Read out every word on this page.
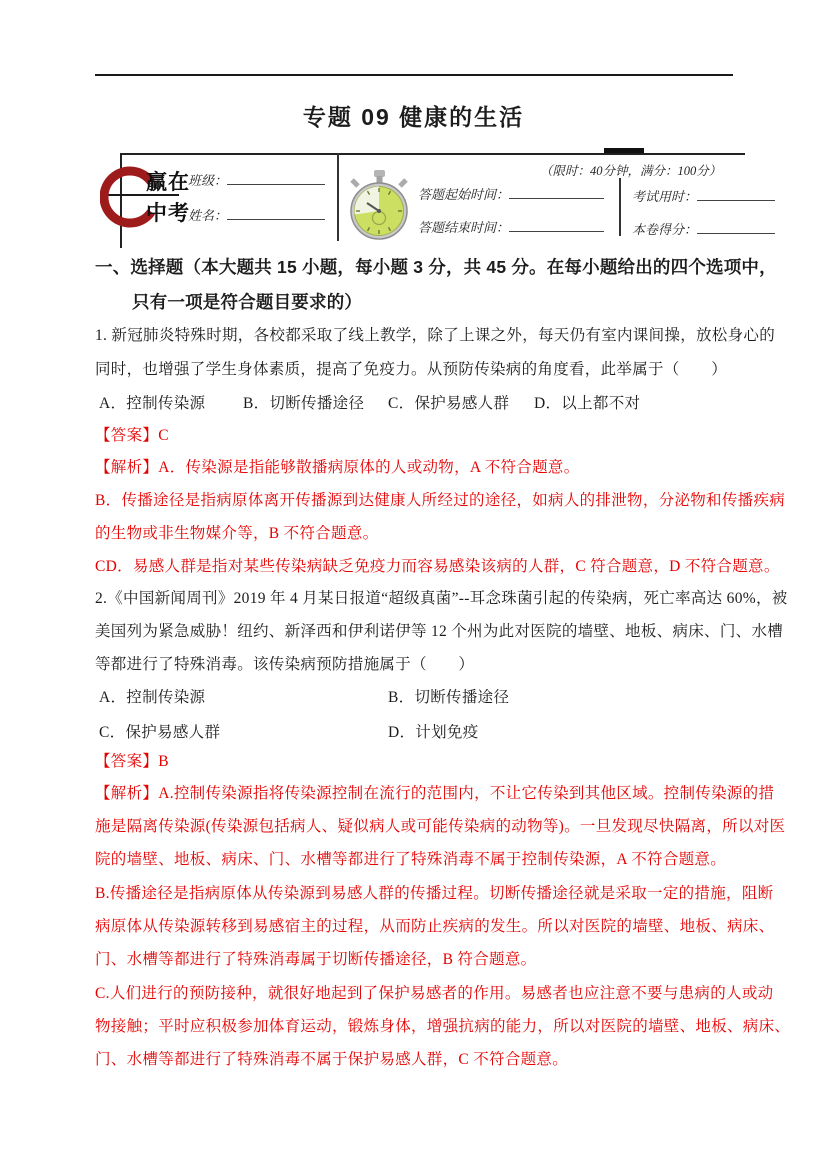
专题 09 健康的生活
赢在
中考
班级：
姓名：
答题起始时间：
答题结束时间：
（限时：40分钟，满分：100分）
考试用时：
本卷得分：
一、选择题（本大题共 15 小题，每小题 3 分，共 45 分。在每小题给出的四个选项中，
只有一项是符合题目要求的）
1. 新冠肺炎特殊时期，各校都采取了线上教学，除了上课之外，每天仍有室内课间操，放松身心的
同时，也增强了学生身体素质，提高了免疫力。从预防传染病的角度看，此举属于（　　）
A．控制传染源 B．切断传播途径 C．保护易感人群 D．以上都不对
【答案】C
【解析】A．传染源是指能够散播病原体的人或动物，A 不符合题意。
B．传播途径是指病原体离开传播源到达健康人所经过的途径，如病人的排泄物，分泌物和传播疾病
的生物或非生物媒介等，B 不符合题意。
CD．易感人群是指对某些传染病缺乏免疫力而容易感染该病的人群，C 符合题意，D 不符合题意。
2.《中国新闻周刊》2019 年 4 月某日报道“超级真菌”--耳念珠菌引起的传染病，死亡率高达 60%，被
美国列为紧急威胁！纽约、新泽西和伊利诺伊等 12 个州为此对医院的墙壁、地板、病床、门、水槽
等都进行了特殊消毒。该传染病预防措施属于（　　）
A．控制传染源	B．切断传播途径
C．保护易感人群	D．计划免疫
【答案】B
【解析】A.控制传染源指将传染源控制在流行的范围内，不让它传染到其他区域。控制传染源的措
施是隔离传染源(传染源包括病人、疑似病人或可能传染病的动物等)。一旦发现尽快隔离，所以对医
院的墙壁、地板、病床、门、水槽等都进行了特殊消毒不属于控制传染源，A 不符合题意。
B.传播途径是指病原体从传染源到易感人群的传播过程。切断传播途径就是采取一定的措施，阻断
病原体从传染源转移到易感宿主的过程，从而防止疾病的发生。所以对医院的墙壁、地板、病床、
门、水槽等都进行了特殊消毒属于切断传播途径，B 符合题意。
C.人们进行的预防接种，就很好地起到了保护易感者的作用。易感者也应注意不要与患病的人或动
物接触；平时应积极参加体育运动，锻炼身体，增强抗病的能力，所以对医院的墙壁、地板、病床、
门、水槽等都进行了特殊消毒不属于保护易感人群，C 不符合题意。
